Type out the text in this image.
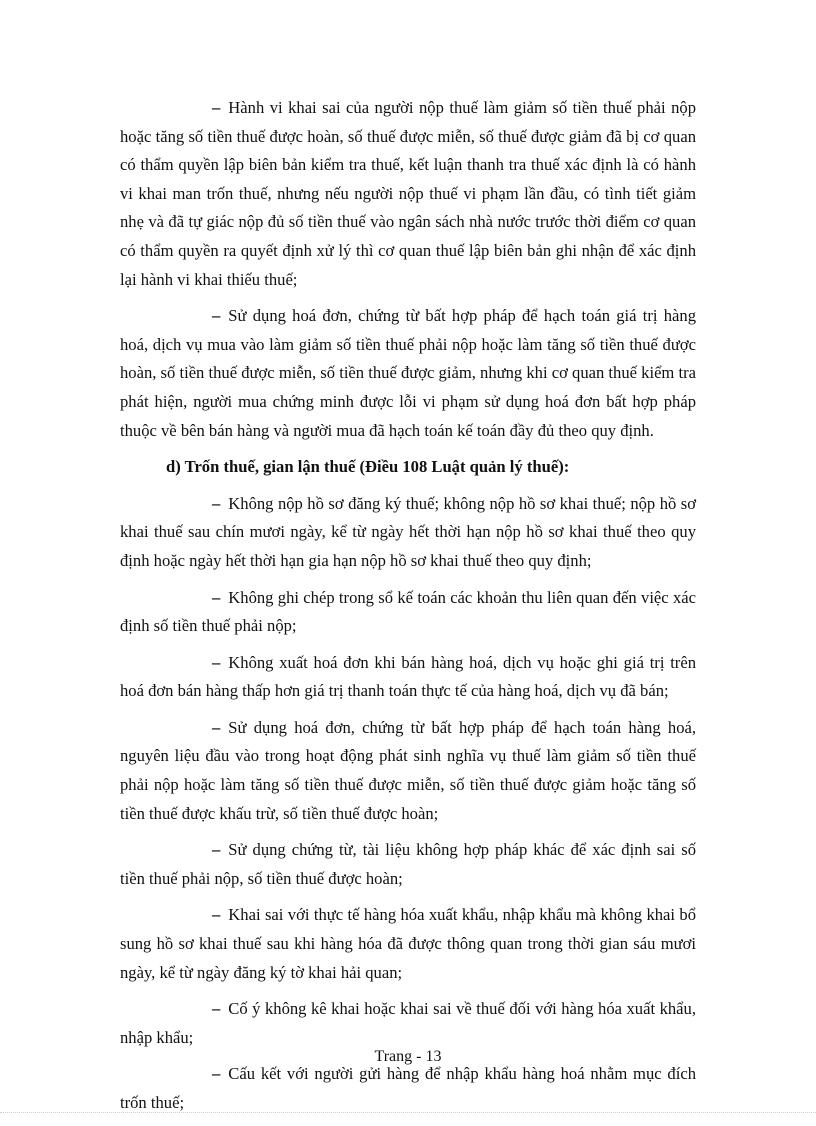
– Hành vi khai sai của người nộp thuế làm giảm số tiền thuế phải nộp hoặc tăng số tiền thuế được hoàn, số thuế được miễn, số thuế được giảm đã bị cơ quan có thẩm quyền lập biên bản kiểm tra thuế, kết luận thanh tra thuế xác định là có hành vi khai man trốn thuế, nhưng nếu người nộp thuế vi phạm lần đầu, có tình tiết giảm nhẹ và đã tự giác nộp đủ số tiền thuế vào ngân sách nhà nước trước thời điểm cơ quan có thẩm quyền ra quyết định xử lý thì cơ quan thuế lập biên bản ghi nhận để xác định lại hành vi khai thiếu thuế;

– Sử dụng hoá đơn, chứng từ bất hợp pháp để hạch toán giá trị hàng hoá, dịch vụ mua vào làm giảm số tiền thuế phải nộp hoặc làm tăng số tiền thuế được hoàn, số tiền thuế được miễn, số tiền thuế được giảm, nhưng khi cơ quan thuế kiểm tra phát hiện, người mua chứng minh được lỗi vi phạm sử dụng hoá đơn bất hợp pháp thuộc về bên bán hàng và người mua đã hạch toán kế toán đầy đủ theo quy định.

d) Trốn thuế, gian lận thuế (Điều 108 Luật quản lý thuế):

– Không nộp hồ sơ đăng ký thuế; không nộp hồ sơ khai thuế; nộp hồ sơ khai thuế sau chín mươi ngày, kể từ ngày hết thời hạn nộp hồ sơ khai thuế theo quy định hoặc ngày hết thời hạn gia hạn nộp hồ sơ khai thuế theo quy định;

– Không ghi chép trong sổ kế toán các khoản thu liên quan đến việc xác định số tiền thuế phải nộp;

– Không xuất hoá đơn khi bán hàng hoá, dịch vụ hoặc ghi giá trị trên hoá đơn bán hàng thấp hơn giá trị thanh toán thực tế của hàng hoá, dịch vụ đã bán;

– Sử dụng hoá đơn, chứng từ bất hợp pháp để hạch toán hàng hoá, nguyên liệu đầu vào trong hoạt động phát sinh nghĩa vụ thuế làm giảm số tiền thuế phải nộp hoặc làm tăng số tiền thuế được miễn, số tiền thuế được giảm hoặc tăng số tiền thuế được khấu trừ, số tiền thuế được hoàn;

– Sử dụng chứng từ, tài liệu không hợp pháp khác để xác định sai số tiền thuế phải nộp, số tiền thuế được hoàn;

– Khai sai với thực tế hàng hóa xuất khẩu, nhập khẩu mà không khai bổ sung hồ sơ khai thuế sau khi hàng hóa đã được thông quan trong thời gian sáu mươi ngày, kể từ ngày đăng ký tờ khai hải quan;

– Cố ý không kê khai hoặc khai sai về thuế đối với hàng hóa xuất khẩu, nhập khẩu;

– Cấu kết với người gửi hàng để nhập khẩu hàng hoá nhằm mục đích trốn thuế;

Trang - 13
